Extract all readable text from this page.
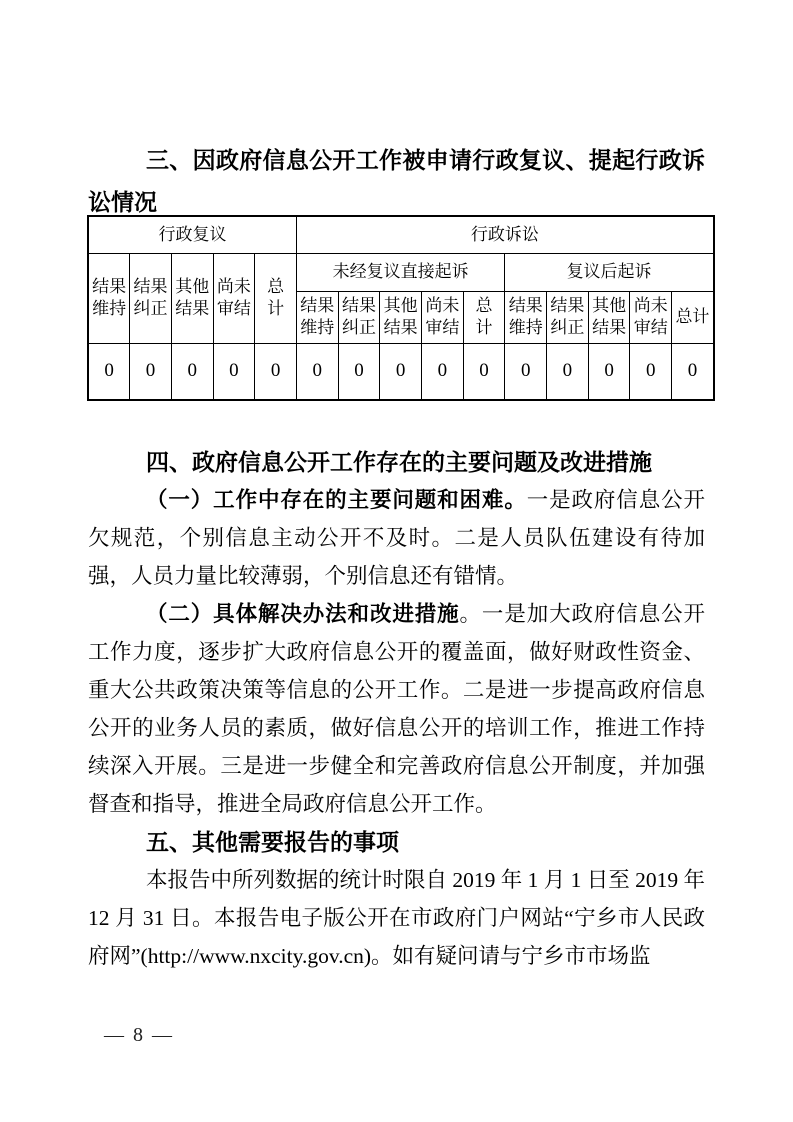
三、因政府信息公开工作被申请行政复议、提起行政诉讼情况
行政复议					行政诉讼									
结果维持	结果纠正	其他结果	尚未审结	总计	未经复议直接起诉					复议后起诉				
					结果维持	结果纠正	其他结果	尚未审结	总计	结果维持	结果纠正	其他结果	尚未审结	总计
0	0	0	0	0	0	0	0	0	0	0	0	0	0	0
四、政府信息公开工作存在的主要问题及改进措施

（一）工作中存在的主要问题和困难。一是政府信息公开欠规范，个别信息主动公开不及时。二是人员队伍建设有待加强，人员力量比较薄弱，个别信息还有错情。

（二）具体解决办法和改进措施。一是加大政府信息公开工作力度，逐步扩大政府信息公开的覆盖面，做好财政性资金、重大公共政策决策等信息的公开工作。二是进一步提高政府信息公开的业务人员的素质，做好信息公开的培训工作，推进工作持续深入开展。三是进一步健全和完善政府信息公开制度，并加强督查和指导，推进全局政府信息公开工作。

五、其他需要报告的事项

本报告中所列数据的统计时限自 2019 年 1 月 1 日至 2019 年 12 月 31 日。本报告电子版公开在市政府门户网站“宁乡市人民政府网”(http://www.nxcity.gov.cn)。如有疑问请与宁乡市市场监

— 8 —
